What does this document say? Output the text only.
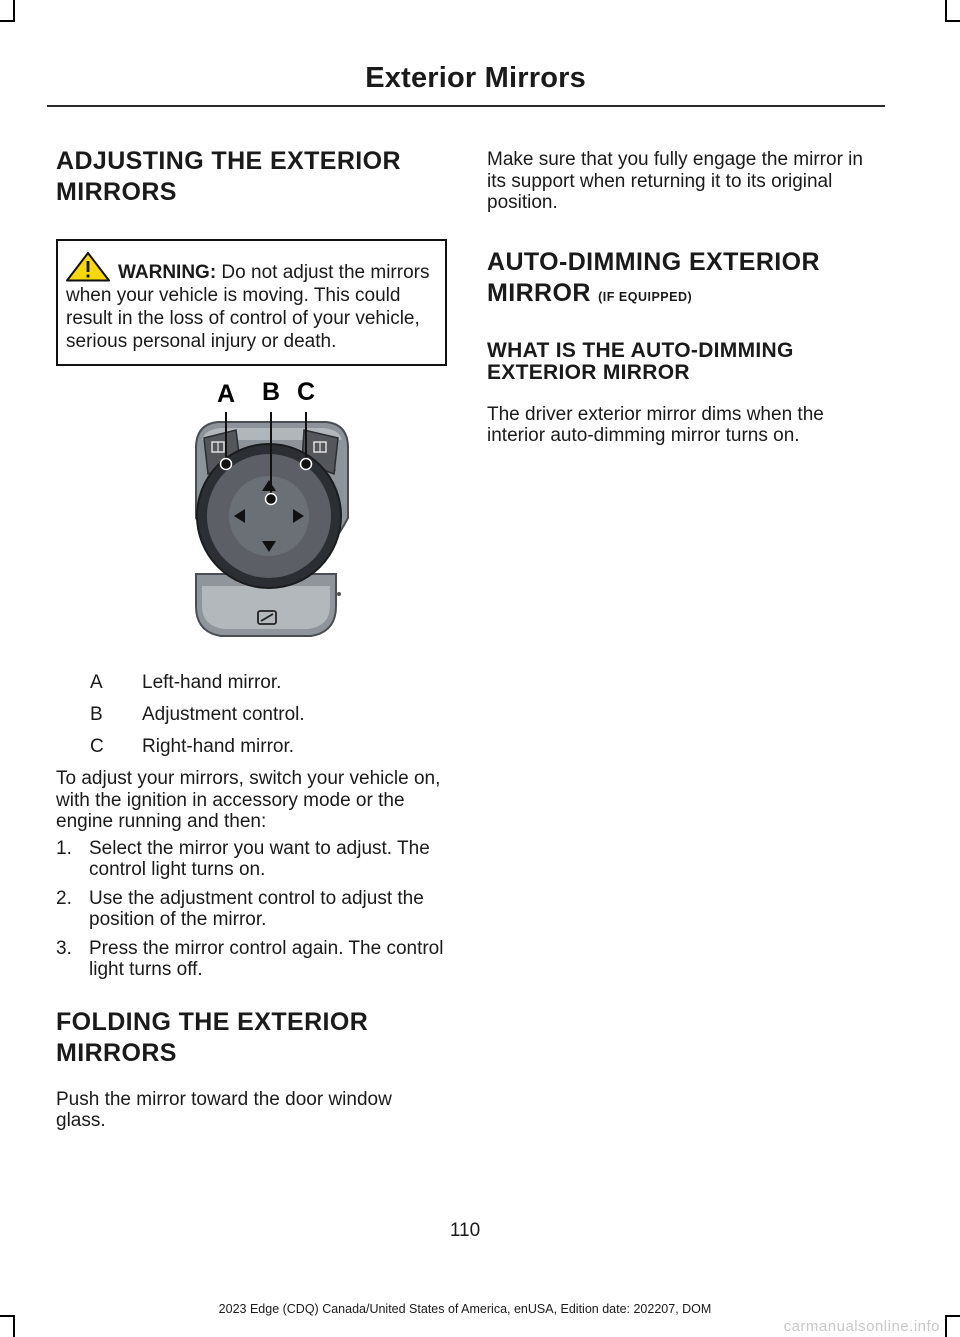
Exterior Mirrors
ADJUSTING THE EXTERIOR
MIRRORS

WARNING: Do not adjust the mirrors when your vehicle is moving. This could result in the loss of control of your vehicle, serious personal injury or death.

A B C
A	Left-hand mirror.
B	Adjustment control.
C	Right-hand mirror.

To adjust your mirrors, switch your vehicle on, with the ignition in accessory mode or the engine running and then:

1. Select the mirror you want to adjust. The control light turns on.
2. Use the adjustment control to adjust the position of the mirror.
3. Press the mirror control again. The control light turns off.
FOLDING THE EXTERIOR
MIRRORS

Push the mirror toward the door window glass.

Make sure that you fully engage the mirror in its support when returning it to its original position.

AUTO-DIMMING EXTERIOR
MIRROR (IF EQUIPPED)
WHAT IS THE AUTO-DIMMING
EXTERIOR MIRROR

The driver exterior mirror dims when the interior auto-dimming mirror turns on.

110
2023 Edge (CDQ) Canada/United States of America, enUSA, Edition date: 202207, DOM
carmanualsonline.info
